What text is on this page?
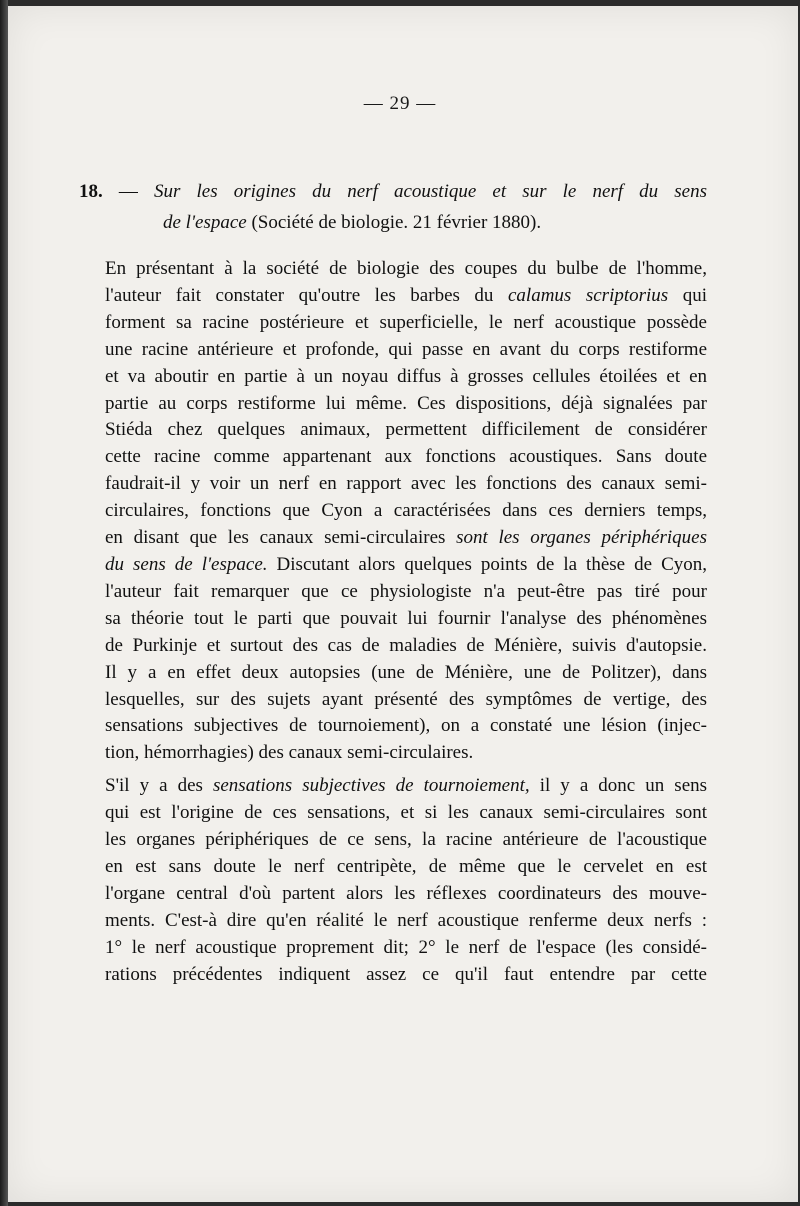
— 29 —
18. — Sur les origines du nerf acoustique et sur le nerf du sens
de l'espace (Société de biologie. 21 février 1880).
En présentant à la société de biologie des coupes du bulbe de l'homme,
l'auteur fait constater qu'outre les barbes du calamus scriptorius qui
forment sa racine postérieure et superficielle, le nerf acoustique possède
une racine antérieure et profonde, qui passe en avant du corps restiforme
et va aboutir en partie à un noyau diffus à grosses cellules étoilées et en
partie au corps restiforme lui même. Ces dispositions, déjà signalées par
Stiéda chez quelques animaux, permettent difficilement de considérer
cette racine comme appartenant aux fonctions acoustiques. Sans doute
faudrait-il y voir un nerf en rapport avec les fonctions des canaux semi-
circulaires, fonctions que Cyon a caractérisées dans ces derniers temps,
en disant que les canaux semi-circulaires sont les organes périphériques
du sens de l'espace. Discutant alors quelques points de la thèse de Cyon,
l'auteur fait remarquer que ce physiologiste n'a peut-être pas tiré pour
sa théorie tout le parti que pouvait lui fournir l'analyse des phénomènes
de Purkinje et surtout des cas de maladies de Ménière, suivis d'autopsie.
Il y a en effet deux autopsies (une de Ménière, une de Politzer), dans
lesquelles, sur des sujets ayant présenté des symptômes de vertige, des
sensations subjectives de tournoiement), on a constaté une lésion (injec-
tion, hémorrhagies) des canaux semi-circulaires.
S'il y a des sensations subjectives de tournoiement, il y a donc un sens
qui est l'origine de ces sensations, et si les canaux semi-circulaires sont
les organes périphériques de ce sens, la racine antérieure de l'acoustique
en est sans doute le nerf centripète, de même que le cervelet en est
l'organe central d'où partent alors les réflexes coordinateurs des mouve-
ments. C'est-à dire qu'en réalité le nerf acoustique renferme deux nerfs :
1° le nerf acoustique proprement dit; 2° le nerf de l'espace (les considé-
rations précédentes indiquent assez ce qu'il faut entendre par cette
